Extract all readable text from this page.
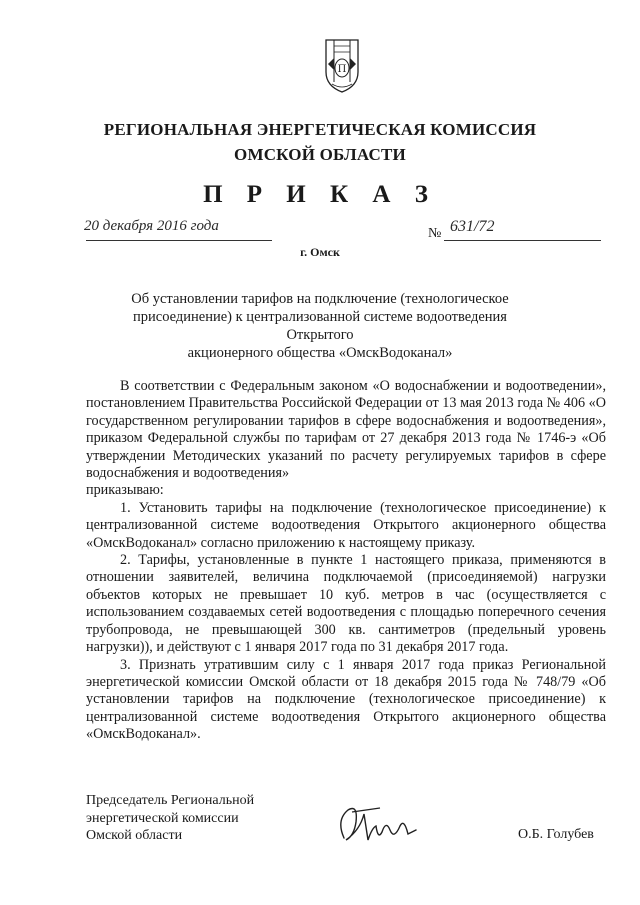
П
РЕГИОНАЛЬНАЯ ЭНЕРГЕТИЧЕСКАЯ КОМИССИЯ
ОМСКОЙ ОБЛАСТИ
П Р И К А З
20 декабря 2016 года	№ 631/72
г. Омск
Об установлении тарифов на подключение (технологическое
присоединение) к централизованной системе водоотведения Открытого
акционерного общества «ОмскВодоканал»

В соответствии с Федеральным законом «О водоснабжении и водоотведении», постановлением Правительства Российской Федерации от 13 мая 2013 года № 406 «О государственном регулировании тарифов в сфере водоснабжения и водоотведения», приказом Федеральной службы по тарифам от 27 декабря 2013 года № 1746-э «Об утверждении Методических указаний по расчету регулируемых тарифов в сфере водоснабжения и водоотведения»

приказываю:

1. Установить тарифы на подключение (технологическое присоединение) к централизованной системе водоотведения Открытого акционерного общества «ОмскВодоканал» согласно приложению к настоящему приказу.

2. Тарифы, установленные в пункте 1 настоящего приказа, применяются в отношении заявителей, величина подключаемой (присоединяемой) нагрузки объектов которых не превышает 10 куб. метров в час (осуществляется с использованием создаваемых сетей водоотведения с площадью поперечного сечения трубопровода, не превышающей 300 кв. сантиметров (предельный уровень нагрузки)), и действуют с 1 января 2017 года по 31 декабря 2017 года.

3. Признать утратившим силу с 1 января 2017 года приказ Региональной энергетической комиссии Омской области от 18 декабря 2015 года № 748/79 «Об установлении тарифов на подключение (технологическое присоединение) к централизованной системе водоотведения Открытого акционерного общества «ОмскВодоканал».

Председатель Региональной
энергетической комиссии
Омской области	О.Б. Голубев
